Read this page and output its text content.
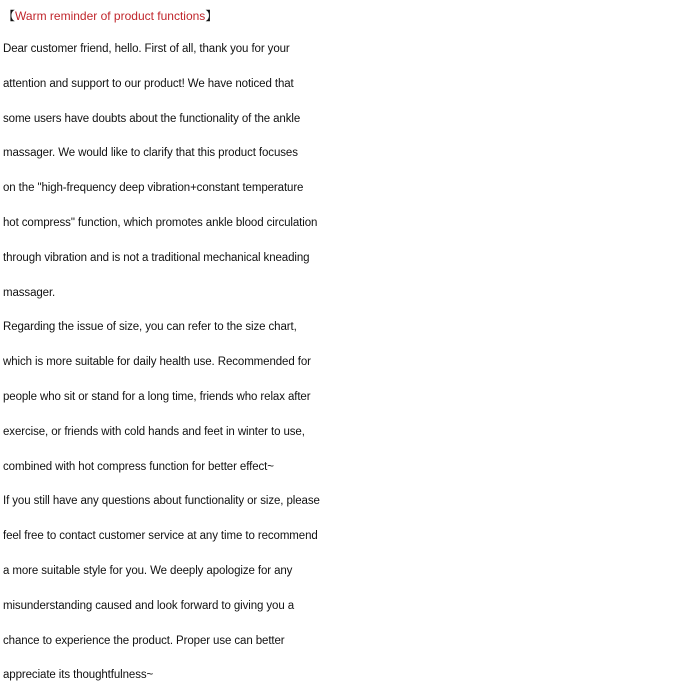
【Warm reminder of product functions】
Dear customer friend, hello. First of all, thank you for your
attention and support to our product! We have noticed that
some users have doubts about the functionality of the ankle
massager. We would like to clarify that this product focuses
on the "high-frequency deep vibration+constant temperature
hot compress" function, which promotes ankle blood circulation
through vibration and is not a traditional mechanical kneading
massager.
Regarding the issue of size, you can refer to the size chart,
which is more suitable for daily health use. Recommended for
people who sit or stand for a long time, friends who relax after
exercise, or friends with cold hands and feet in winter to use,
combined with hot compress function for better effect~
If you still have any questions about functionality or size, please
feel free to contact customer service at any time to recommend
a more suitable style for you. We deeply apologize for any
misunderstanding caused and look forward to giving you a
chance to experience the product. Proper use can better
appreciate its thoughtfulness~
